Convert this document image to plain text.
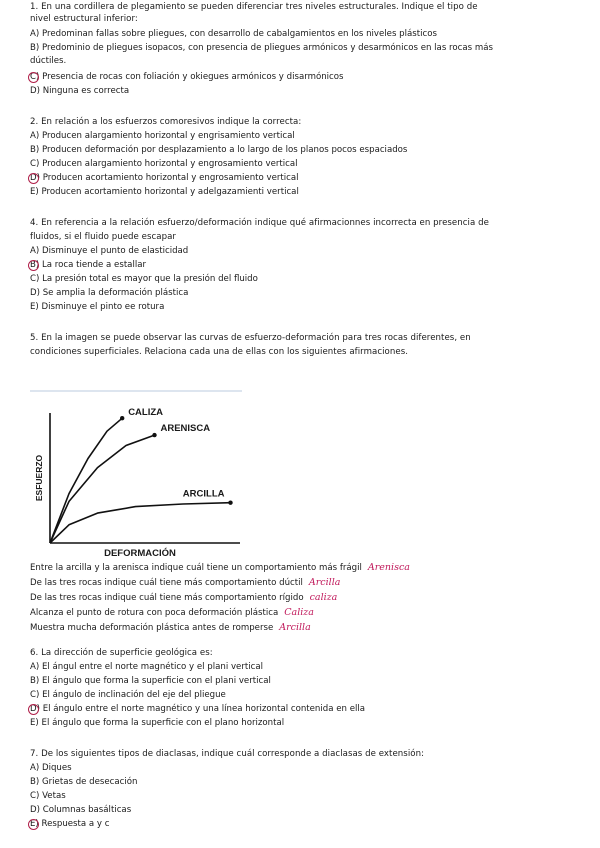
1. En una cordillera de plegamiento se pueden diferenciar tres niveles estructurales. Indique el tipo de
nivel estructural inferior:
A) Predominan fallas sobre pliegues, con desarrollo de cabalgamientos en los niveles plásticos
B) Predominio de pliegues isopacos, con presencia de pliegues armónicos y desarmónicos en las rocas más
dúctiles.
C) Presencia de rocas con foliación y okiegues armónicos y disarmónicos
D) Ninguna es correcta
2. En relación a los esfuerzos comoresivos indique la correcta:
A) Producen alargamiento horizontal y engrisamiento vertical
B) Producen deformación por desplazamiento a lo largo de los planos pocos espaciados
C) Producen alargamiento horizontal y engrosamiento vertical
D) Producen acortamiento horizontal y engrosamiento vertical
E) Producen acortamiento horizontal y adelgazamienti vertical
4. En referencia a la relación esfuerzo/deformación indique qué afirmacionnes incorrecta en presencia de
fluidos, si el fluido puede escapar
A) Disminuye el punto de elasticidad
B) La roca tiende a estallar
C) La presión total es mayor que la presión del fluido
D) Se amplia la deformación plástica
E) Disminuye el pinto ee rotura
5. En la imagen se puede observar las curvas de esfuerzo-deformación para tres rocas diferentes, en
condiciones superficiales. Relaciona cada una de ellas con los siguientes afirmaciones.
DEFORMACIÓN
ESFUERZO
CALIZA
ARENISCA
ARCILLA
Entre la arcilla y la arenisca indique cuál tiene un comportamiento más frágil Arenisca
De las tres rocas indique cuál tiene más comportamiento dúctil Arcilla
De las tres rocas indique cuál tiene más comportamiento rígido caliza
Alcanza el punto de rotura con poca deformación plástica Caliza
Muestra mucha deformación plástica antes de romperse Arcilla
6. La dirección de superficie geológica es:
A) El ángul entre el norte magnético y el plani vertical
B) El ángulo que forma la superficie con el plani vertical
C) El ángulo de inclinación del eje del pliegue
D) El ángulo entre el norte magnético y una línea horizontal contenida en ella
E) El ángulo que forma la superficie con el plano horizontal
7. De los siguientes tipos de diaclasas, indique cuál corresponde a diaclasas de extensión:
A) Diques
B) Grietas de desecación
C) Vetas
D) Columnas basálticas
E) Respuesta a y c
